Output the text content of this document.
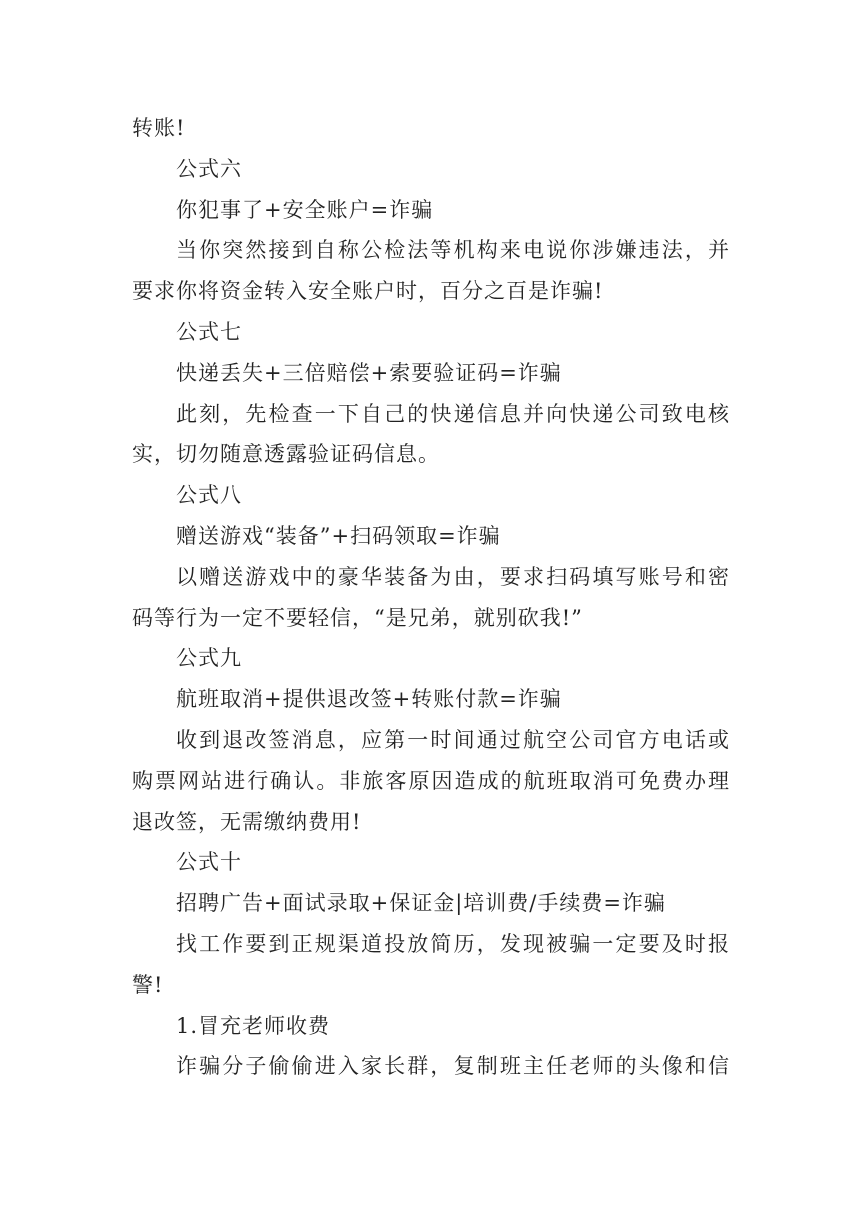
转账!

公式六

你犯事了+安全账户=诈骗

当你突然接到自称公检法等机构来电说你涉嫌违法，并

要求你将资金转入安全账户时，百分之百是诈骗!

公式七

快递丢失+三倍赔偿+索要验证码=诈骗

此刻，先检查一下自己的快递信息并向快递公司致电核

实，切勿随意透露验证码信息。

公式八

赠送游戏“装备”+扫码领取=诈骗

以赠送游戏中的豪华装备为由，要求扫码填写账号和密

码等行为一定不要轻信，“是兄弟，就别砍我!”

公式九

航班取消+提供退改签+转账付款=诈骗

收到退改签消息，应第一时间通过航空公司官方电话或

购票网站进行确认。非旅客原因造成的航班取消可免费办理

退改签，无需缴纳费用!

公式十

招聘广告+面试录取+保证金|培训费/手续费=诈骗

找工作要到正规渠道投放简历，发现被骗一定要及时报

警!

1.冒充老师收费

诈骗分子偷偷进入家长群，复制班主任老师的头像和信
